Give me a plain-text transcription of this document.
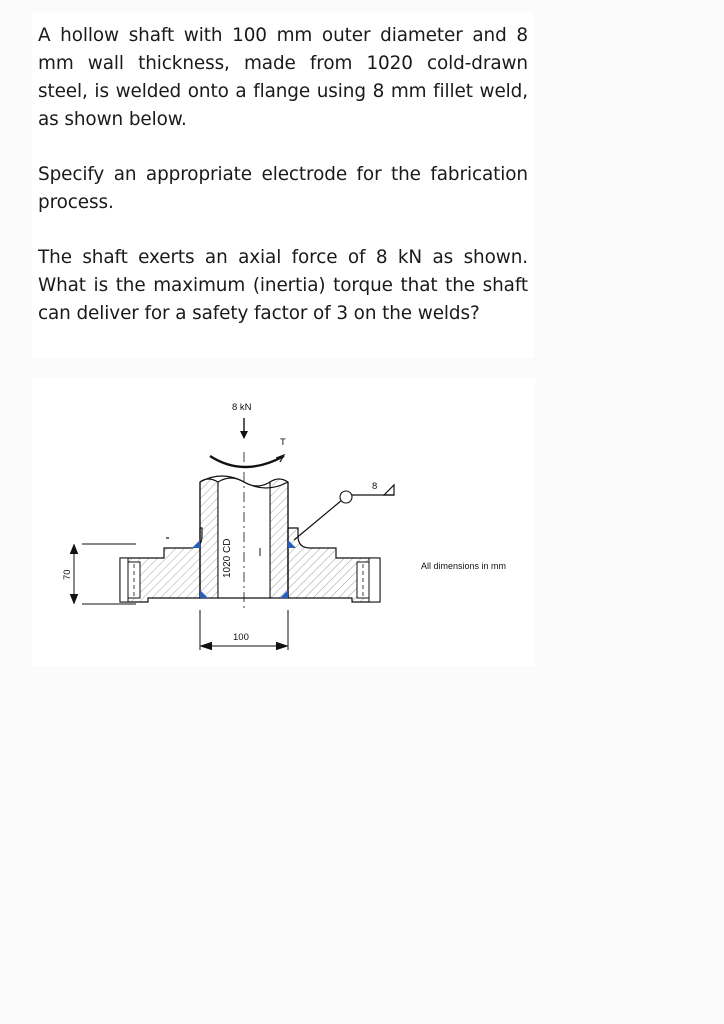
A hollow shaft with 100 mm outer diameter and 8 mm wall thickness, made from 1020 cold-drawn steel, is welded onto a flange using 8 mm fillet weld, as shown below.

Specify an appropriate electrode for the fabrication process.

The shaft exerts an axial force of 8 kN as shown. What is the maximum (inertia) torque that the shaft can deliver for a safety factor of 3 on the welds?

8 kN
T
8
1020 CD
70
100
All dimensions in mm
